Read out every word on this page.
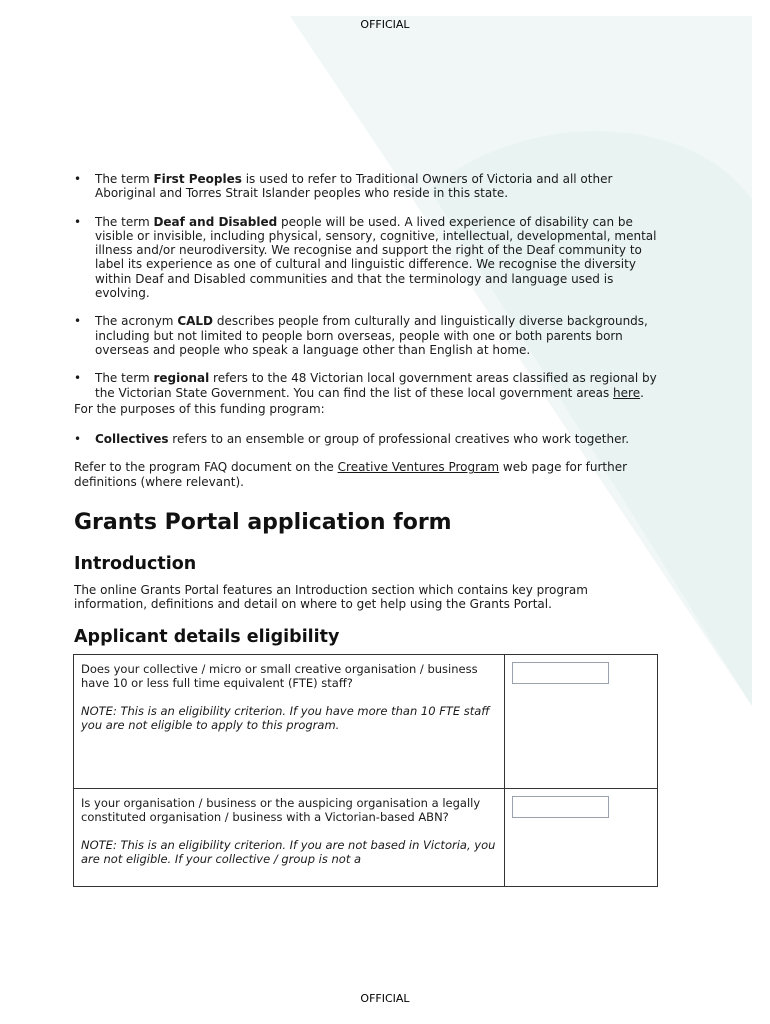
OFFICIAL
• The term First Peoples is used to refer to Traditional Owners of Victoria and all other Aboriginal and Torres Strait Islander peoples who reside in this state.
• The term Deaf and Disabled people will be used. A lived experience of disability can be visible or invisible, including physical, sensory, cognitive, intellectual, developmental, mental illness and/or neurodiversity. We recognise and support the right of the Deaf community to label its experience as one of cultural and linguistic difference. We recognise the diversity within Deaf and Disabled communities and that the terminology and language used is evolving.
• The acronym CALD describes people from culturally and linguistically diverse backgrounds, including but not limited to people born overseas, people with one or both parents born overseas and people who speak a language other than English at home.
• The term regional refers to the 48 Victorian local government areas classified as regional by the Victorian State Government. You can find the list of these local government areas here.

For the purposes of this funding program:

• Collectives refers to an ensemble or group of professional creatives who work together.

Refer to the program FAQ document on the Creative Ventures Program web page for further definitions (where relevant).

Grants Portal application form
Introduction

The online Grants Portal features an Introduction section which contains key program information, definitions and detail on where to get help using the Grants Portal.

Applicant details eligibility
Does your collective / micro or small creative organisation / business have 10 or less full time equivalent (FTE) staff?
NOTE: This is an eligibility criterion. If you have more than 10 FTE staff you are not eligible to apply to this program.	

Is your organisation / business or the auspicing organisation a legally constituted organisation / business with a Victorian-based ABN?
NOTE: This is an eligibility criterion. If you are not based in Victoria, you are not eligible. If your collective / group is not a	

OFFICIAL
